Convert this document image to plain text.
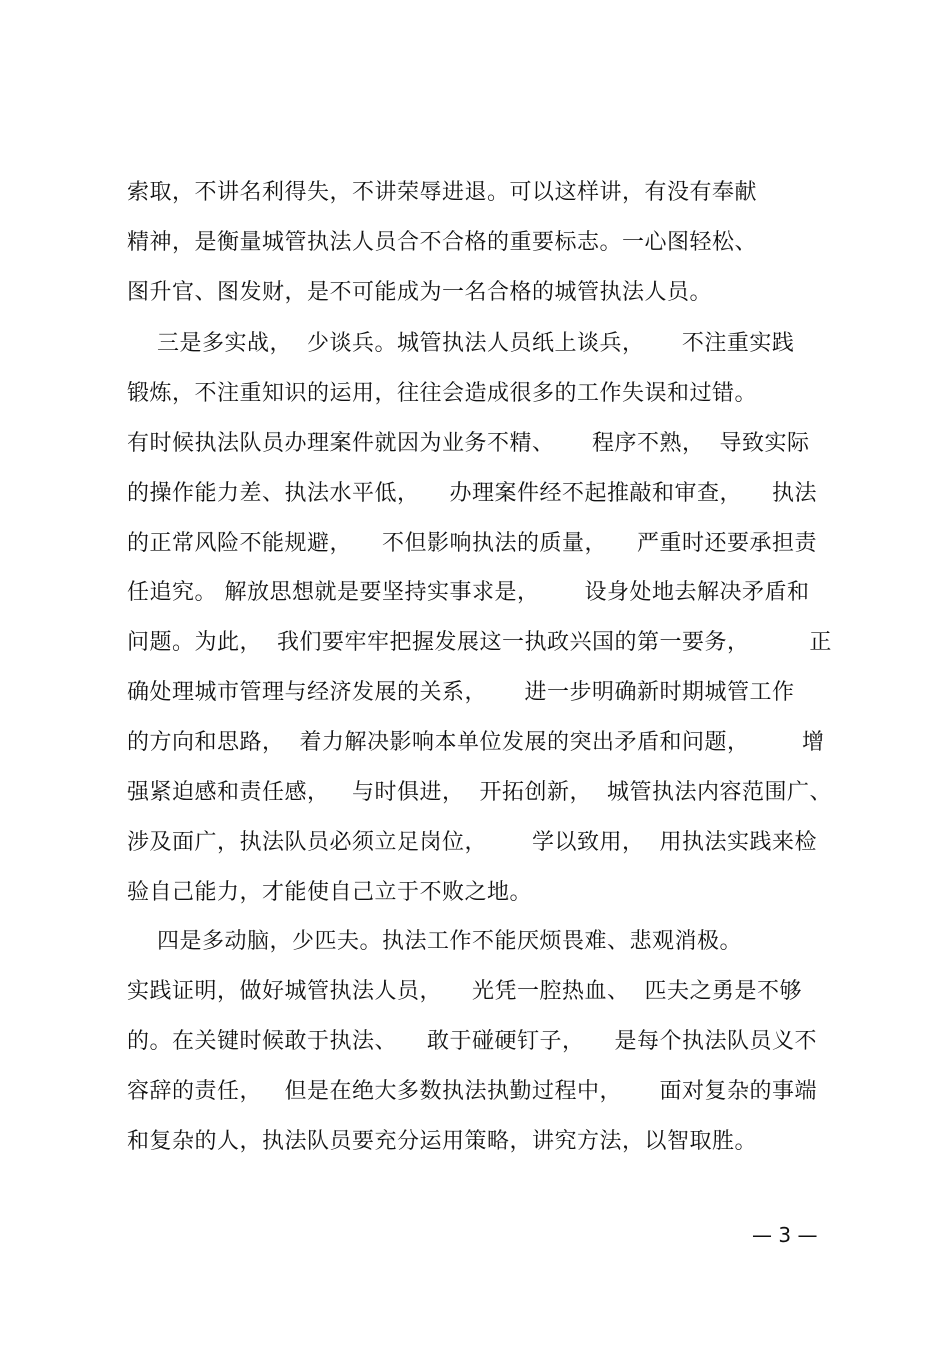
索取，不讲名利得失，不讲荣辱进退。可以这样讲，有没有奉献
精神，是衡量城管执法人员合不合格的重要标志。一心图轻松、
图升官、图发财，是不可能成为一名合格的城管执法人员。
三是多实战，  少谈兵。城管执法人员纸上谈兵，     不注重实践
锻炼，不注重知识的运用，往往会造成很多的工作失误和过错。
有时候执法队员办理案件就因为业务不精、     程序不熟，  导致实际
的操作能力差、执法水平低，    办理案件经不起推敲和审查，    执法
的正常风险不能规避，    不但影响执法的质量，    严重时还要承担责
任追究。 解放思想就是要坚持实事求是，      设身处地去解决矛盾和
问题。为此，  我们要牢牢把握发展这一执政兴国的第一要务，        正
确处理城市管理与经济发展的关系，     进一步明确新时期城管工作
的方向和思路，  着力解决影响本单位发展的突出矛盾和问题，       增
强紧迫感和责任感，   与时俱进，  开拓创新，  城管执法内容范围广、
涉及面广，执法队员必须立足岗位，      学以致用，  用执法实践来检
验自己能力，才能使自己立于不败之地。
四是多动脑，少匹夫。执法工作不能厌烦畏难、悲观消极。
实践证明，做好城管执法人员，    光凭一腔热血、  匹夫之勇是不够
的。在关键时候敢于执法、    敢于碰硬钉子，    是每个执法队员义不
容辞的责任，   但是在绝大多数执法执勤过程中，     面对复杂的事端
和复杂的人，执法队员要充分运用策略，讲究方法，以智取胜。
— 3 —
